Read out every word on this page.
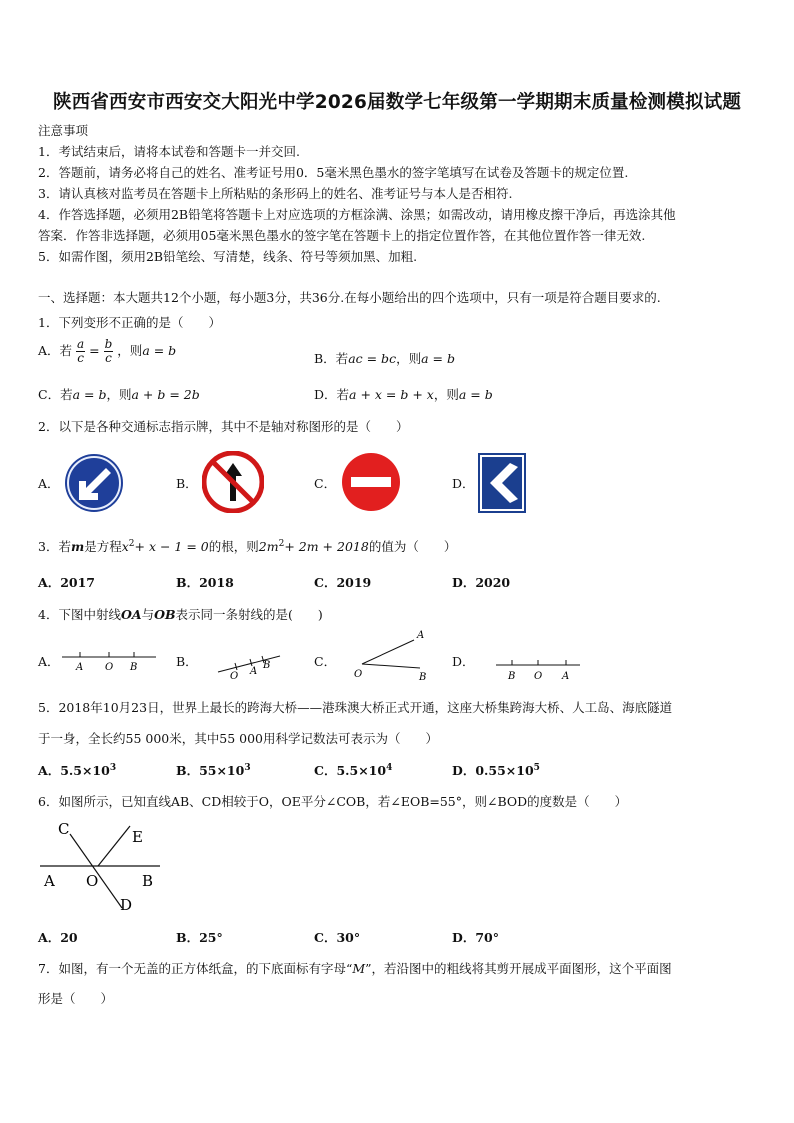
陕西省西安市西安交大阳光中学2026届数学七年级第一学期期末质量检测模拟试题
注意事项
1．考试结束后，请将本试卷和答题卡一并交回.
2．答题前，请务必将自己的姓名、准考证号用0．5毫米黑色墨水的签字笔填写在试卷及答题卡的规定位置.
3．请认真核对监考员在答题卡上所粘贴的条形码上的姓名、准考证号与本人是否相符.
4．作答选择题，必须用2B铅笔将答题卡上对应选项的方框涂满、涂黑；如需改动，请用橡皮擦干净后，再选涂其他
答案．作答非选择题，必须用05毫米黑色墨水的签字笔在答题卡上的指定位置作答，在其他位置作答一律无效.
5．如需作图，须用2B铅笔绘、写清楚，线条、符号等须加黑、加粗.
一、选择题：本大题共12个小题，每小题3分，共36分.在每小题给出的四个选项中，只有一项是符合题目要求的.
1．下列变形不正确的是（　　）
A．若 $\frac{a}{c} = \frac{b}{c}$ ，则a = b
B．若ac = bc，则a = b
C．若a = b，则a + b = 2b	D．若a + x = b + x，则a = b
2．以下是各种交通标志指示牌，其中不是轴对称图形的是（　　）
A．	B．	C．	D．
3．若m是方程$x^2+ x - 1 = 0$的根，则$2m^2+ 2m + 2018$的值为（　　）
A．2017	B．2018	C．2019	D．2020
4．下图中射线OA与OB表示同一条射线的是(　　)
A．	B．	C．	D．
A O B
O A
B
A
O	B	B O A
5．2018年10月23日，世界上最长的跨海大桥——港珠澳大桥正式开通，这座大桥集跨海大桥、人工岛、海底隧道
于一身，全长约55 000米，其中55 000用科学记数法可表示为（　　）
A．$5.5\times 10^3$	B．$55\times 10^3$	C．$5.5\times 10^4$	D．$0.55\times 10^5$
6．如图所示，已知直线AB、CD相较于O，OE平分∠COB，若∠EOB=55°，则∠BOD的度数是（　　）
C	E
A O	B
D
A．20	B．25°	C．30°	D．70°
7．如图，有一个无盖的正方体纸盒，的下底面标有字母“M”，若沿图中的粗线将其剪开展成平面图形，这个平面图
形是（　　）
